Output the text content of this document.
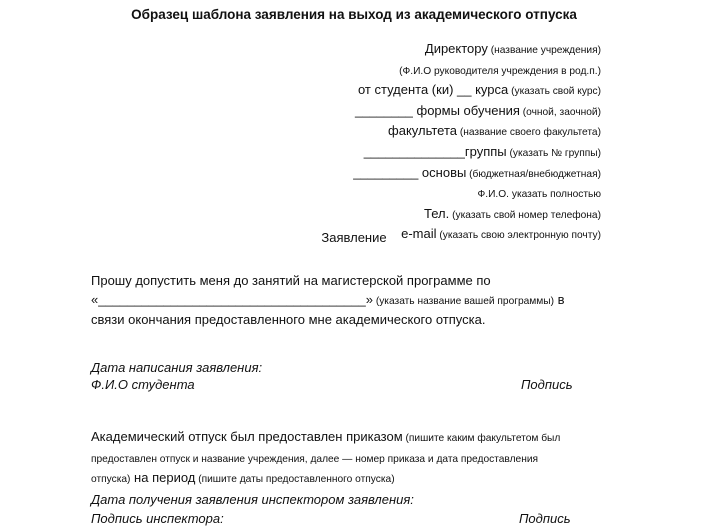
Образец шаблона заявления на выход из академического отпуска
Директору (название учреждения)
(Ф.И.О руководителя учреждения в род.п.)
от студента (ки) __ курса (указать свой курс)
________ формы обучения (очной, заочной)
факультета (название своего факультета)
______________группы (указать № группы)
_________ основы (бюджетная/внебюджетная)
Ф.И.О. указать полностью
Тел. (указать свой номер телефона)
e-mail (указать свою электронную почту)
Заявление
Прошу допустить меня до занятий на магистерской программе по
«_____________________________________» (указать название вашей программы) в
связи окончания предоставленного мне академического отпуска.
Дата написания заявления:
Ф.И.О студента	Подпись
Академический отпуск был предоставлен приказом (пишите каким факультетом был
предоставлен отпуск и название учреждения, далее — номер приказа и дата предоставления
отпуска) на период (пишите даты предоставленного отпуска)
Дата получения заявления инспектором заявления:
Подпись инспектора:	Подпись
